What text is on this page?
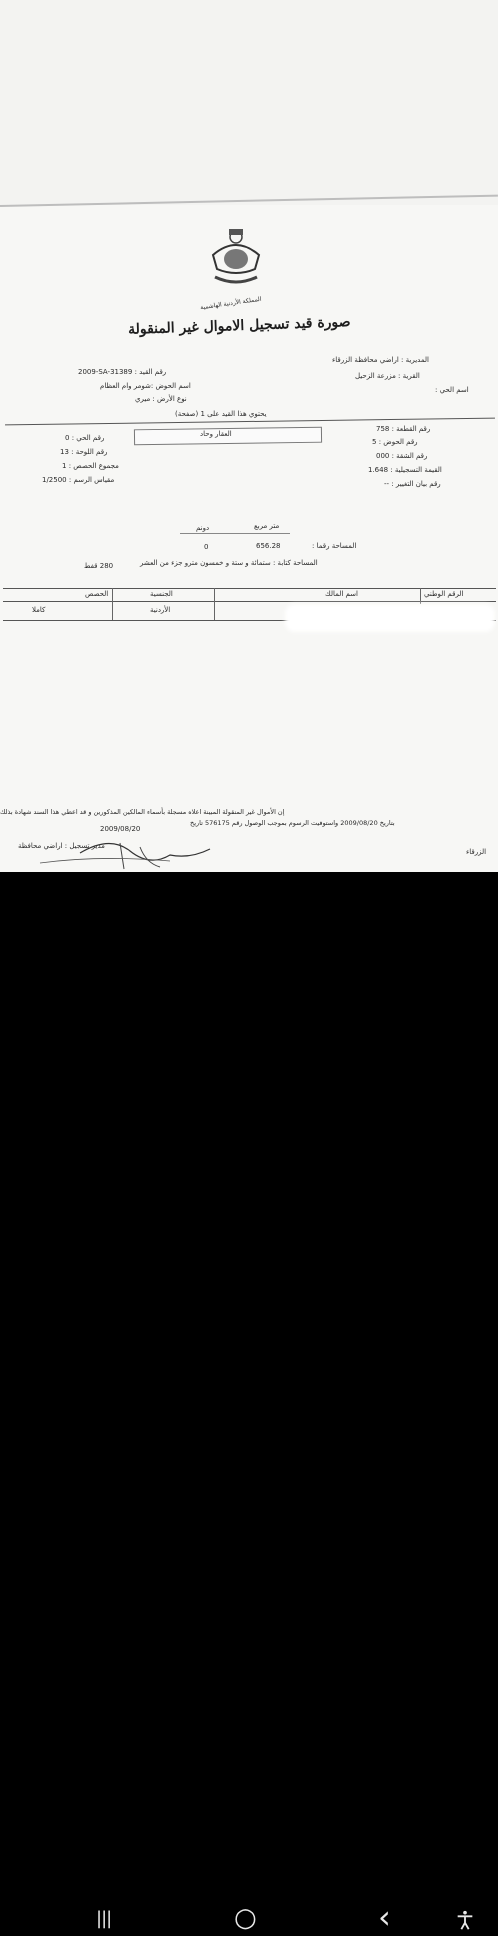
المملكة الأردنية الهاشمية
صورة قيد تسجيل الاموال غير المنقولة
المديرية : اراضي محافظة الزرقاء
القرية : مزرعة الزحيل
اسم الحي :
2009-SA-31389 : رقم القيد
اسم الحوض :شومر وام العظام
نوع الأرض : ميري
يحتوي هذا القيد على 1 (صفحة)
رقم القطعة : 758
رقم الحوض : 5
رقم الشقة : 000
القيمة التسجيلية : 1.648
رقم بيان التغيير : --
العقار وحاد
رقم الحي : 0
رقم اللوحة : 13
مجموع الحصص : 1
مقياس الرسم : 1/2500
متر مربع
دونم
المساحة رقما :
656.28
0
المساحة كتابة : ستمائة و ستة و خمسون مترو جزء من العشر
280 قفط
الرقم الوطني
اسم المالك
الجنسية
الحصص
الأردنية
كاملا
إن الأموال غير المنقولة المبينة اعلاه مسجلة بأسماء المالكين المذكورين و قد اعطي هذا السند شهادة بذلك
بتاريخ 2009/08/20 واستوفيت الرسوم بموجب الوصول رقم 576175 تاريخ
2009/08/20
مدير تسجيل : اراضي محافظة
الزرقاء
|||	○	‹
